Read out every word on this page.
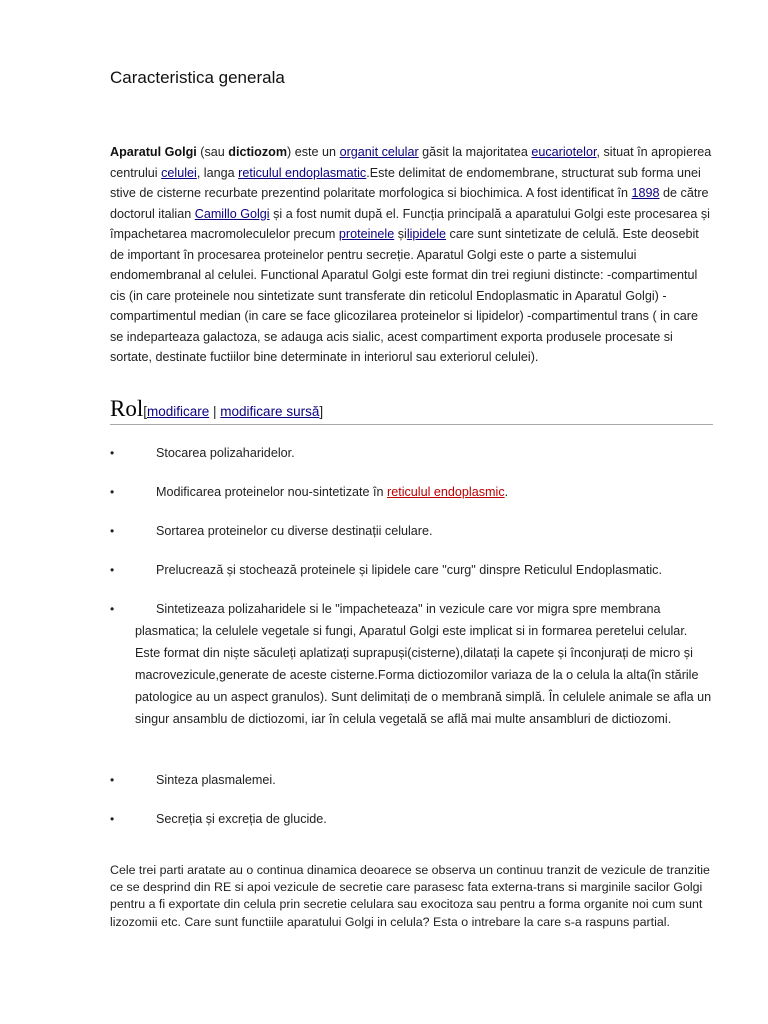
Caracteristica generala
Aparatul Golgi (sau dictiozom) este un organit celular găsit la majoritatea eucariotelor, situat în apropierea centrului celulei, langa reticulul endoplasmatic.Este delimitat de endomembrane, structurat sub forma unei stive de cisterne recurbate prezentind polaritate morfologica si biochimica. A fost identificat în 1898 de către doctorul italian Camillo Golgi și a fost numit după el. Funcția principală a aparatului Golgi este procesarea și împachetarea macromoleculelor precum proteinele șilipidele care sunt sintetizate de celulă. Este deosebit de important în procesarea proteinelor pentru secreție. Aparatul Golgi este o parte a sistemului endomembranal al celulei. Functional Aparatul Golgi este format din trei regiuni distincte: -compartimentul cis (in care proteinele nou sintetizate sunt transferate din reticolul Endoplasmatic in Aparatul Golgi) -compartimentul median (in care se face glicozilarea proteinelor si lipidelor) -compartimentul trans ( in care se indeparteaza galactoza, se adauga acis sialic, acest compartiment exporta produsele procesate si sortate, destinate fuctiilor bine determinate in interiorul sau exteriorul celulei).
Rol[modificare | modificare sursă]
•	Stocarea polizaharidelor.
•	Modificarea proteinelor nou-sintetizate în reticulul endoplasmic.
•	Sortarea proteinelor cu diverse destinații celulare.
•	Prelucrează și stochează proteinele și lipidele care "curg" dinspre Reticulul Endoplasmatic.
•	Sintetizeaza polizaharidele si le "impacheteaza" in vezicule care vor migra spre membrana
plasmatica; la celulele vegetale si fungi, Aparatul Golgi este implicat si in formarea peretelui celular. Este format din niște săculeți aplatizați suprapuși(cisterne),dilatați la capete și înconjurați de micro și macrovezicule,generate de aceste cisterne.Forma dictiozomilor variaza de la o celula la alta(în stările patologice au un aspect granulos). Sunt delimitați de o membrană simplă. În celulele animale se afla un singur ansamblu de dictiozomi, iar în celula vegetală se află mai multe ansambluri de dictiozomi.
•	Sinteza plasmalemei.
•	Secreția și excreția de glucide.
Cele trei parti aratate au o continua dinamica deoarece se observa un continuu tranzit de vezicule de tranzitie ce se desprind din RE si apoi vezicule de secretie care parasesc fata externa-trans si marginile sacilor Golgi pentru a fi exportate din celula prin secretie celulara sau exocitoza sau pentru a forma organite noi cum sunt lizozomii etc. Care sunt functiile aparatului Golgi in celula? Esta o intrebare la care s-a raspuns partial.
